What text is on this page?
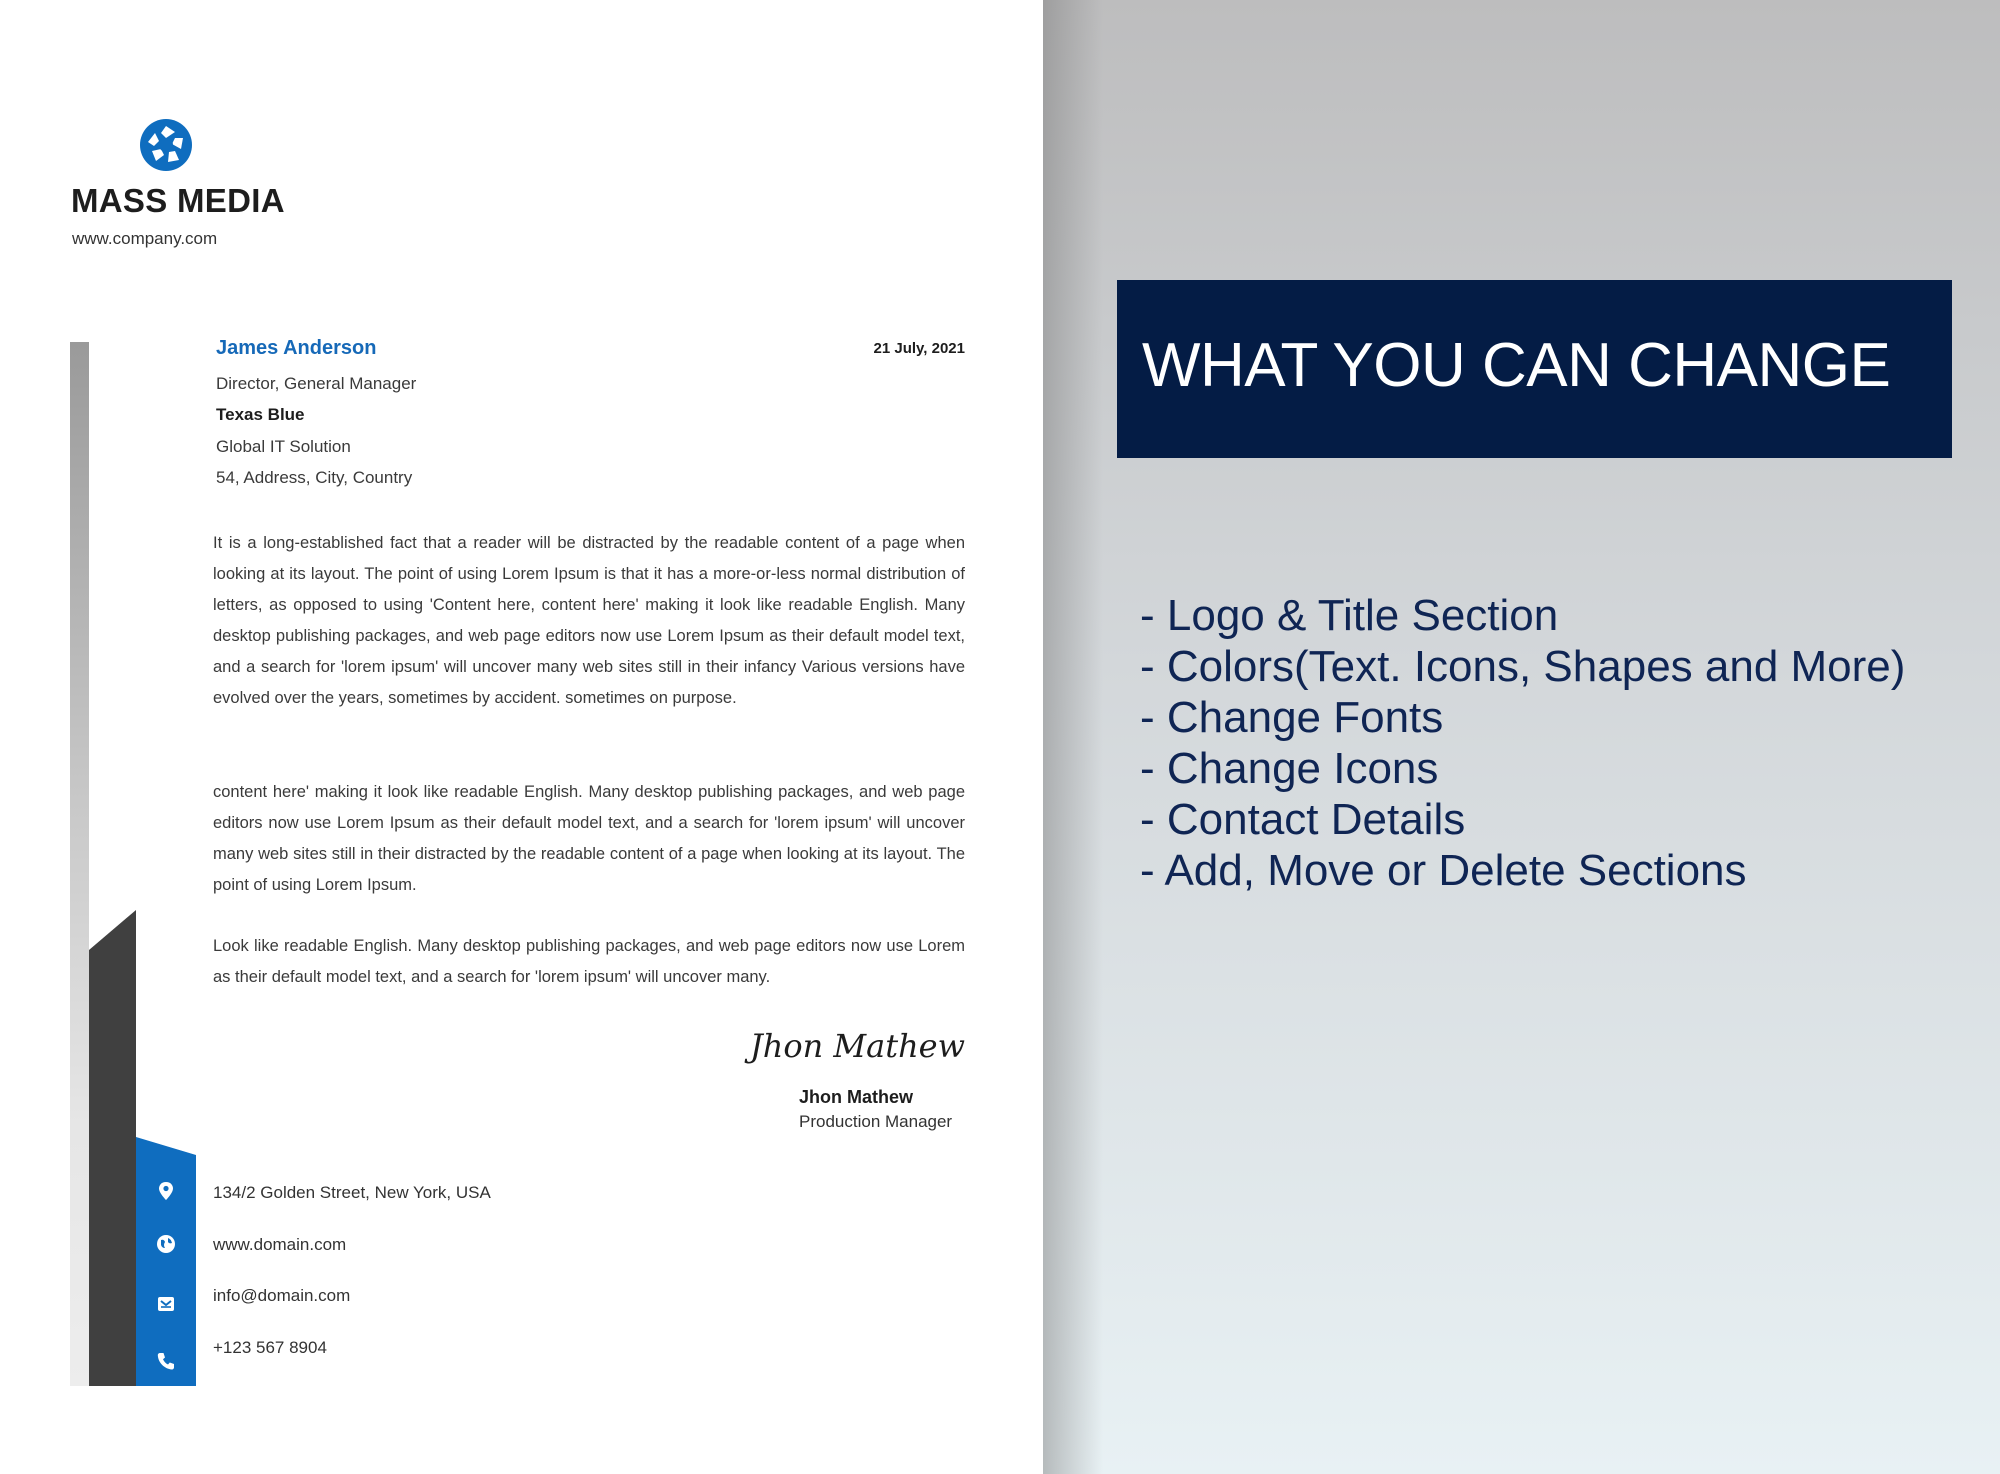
MASS MEDIA
www.company.com
134/2 Golden Street, New York, USA
www.domain.com
info@domain.com
+123 567 8904
James Anderson
Director, General Manager
Texas Blue
Global IT Solution
54, Address, City, Country
21 July, 2021

It is a long-established fact that a reader will be distracted by the readable content of a page when looking at its layout. The point of using Lorem Ipsum is that it has a more-or-less normal distribution of letters, as opposed to using 'Content here, content here' making it look like readable English. Many desktop publishing packages, and web page editors now use Lorem Ipsum as their default model text, and a search for 'lorem ipsum' will uncover many web sites still in their infancy Various versions have evolved over the years, sometimes by accident. sometimes on purpose.

content here' making it look like readable English. Many desktop publishing packages, and web page editors now use Lorem Ipsum as their default model text, and a search for 'lorem ipsum' will uncover many web sites still in their distracted by the readable content of a page when looking at its layout. The point of using Lorem Ipsum.

Look like readable English. Many desktop publishing packages, and web page editors now use Lorem as their default model text, and a search for 'lorem ipsum' will uncover many.

Jhon Mathew
Jhon Mathew
Production Manager
WHAT YOU CAN CHANGE
- Logo & Title Section
- Colors(Text. Icons, Shapes and More)
- Change Fonts
- Change Icons
- Contact Details
- Add, Move or Delete Sections
